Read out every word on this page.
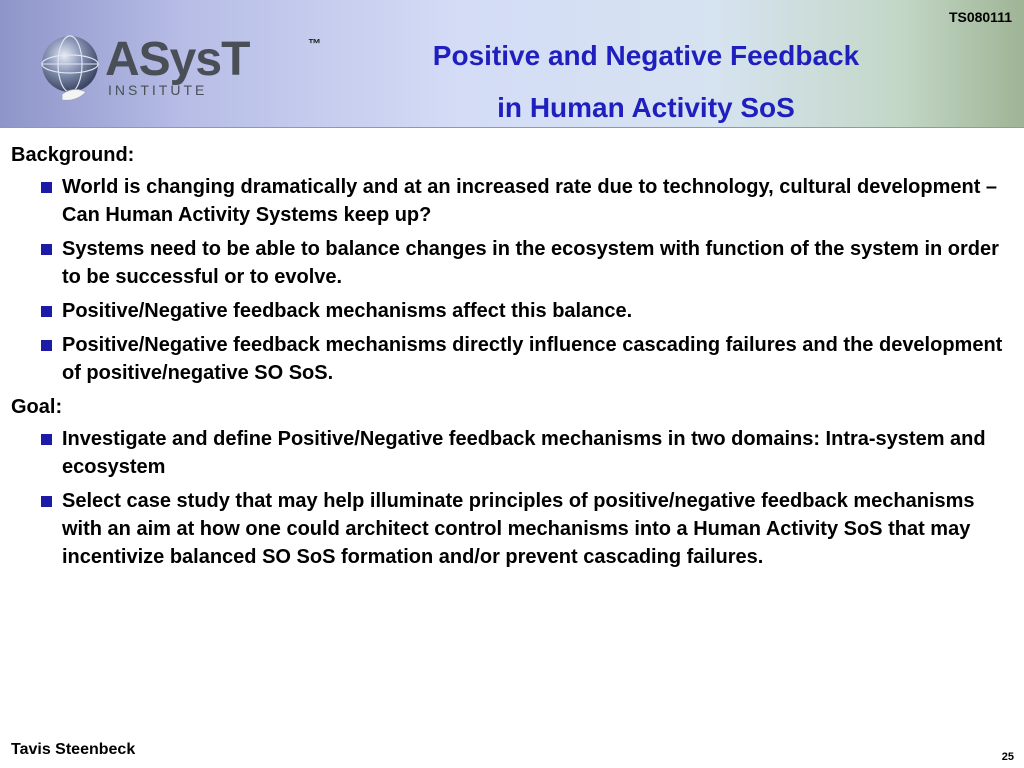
TS080111
ASysT	™
INSTITUTE
Positive and Negative Feedback
in Human Activity SoS
Background:
World is changing dramatically and at an increased rate due to technology, cultural development – Can Human Activity Systems keep up?
Systems need to be able to balance changes in the ecosystem with function of the system in order to be successful or to evolve.
Positive/Negative feedback mechanisms affect this balance.
Positive/Negative feedback mechanisms directly influence cascading failures and the development of positive/negative SO SoS.
Goal:
Investigate and define Positive/Negative feedback mechanisms in two domains: Intra-system and ecosystem
Select case study that may help illuminate principles of positive/negative feedback mechanisms with an aim at how one could architect control mechanisms into a Human Activity SoS that may incentivize balanced SO SoS formation and/or prevent cascading failures.
Tavis Steenbeck	25
